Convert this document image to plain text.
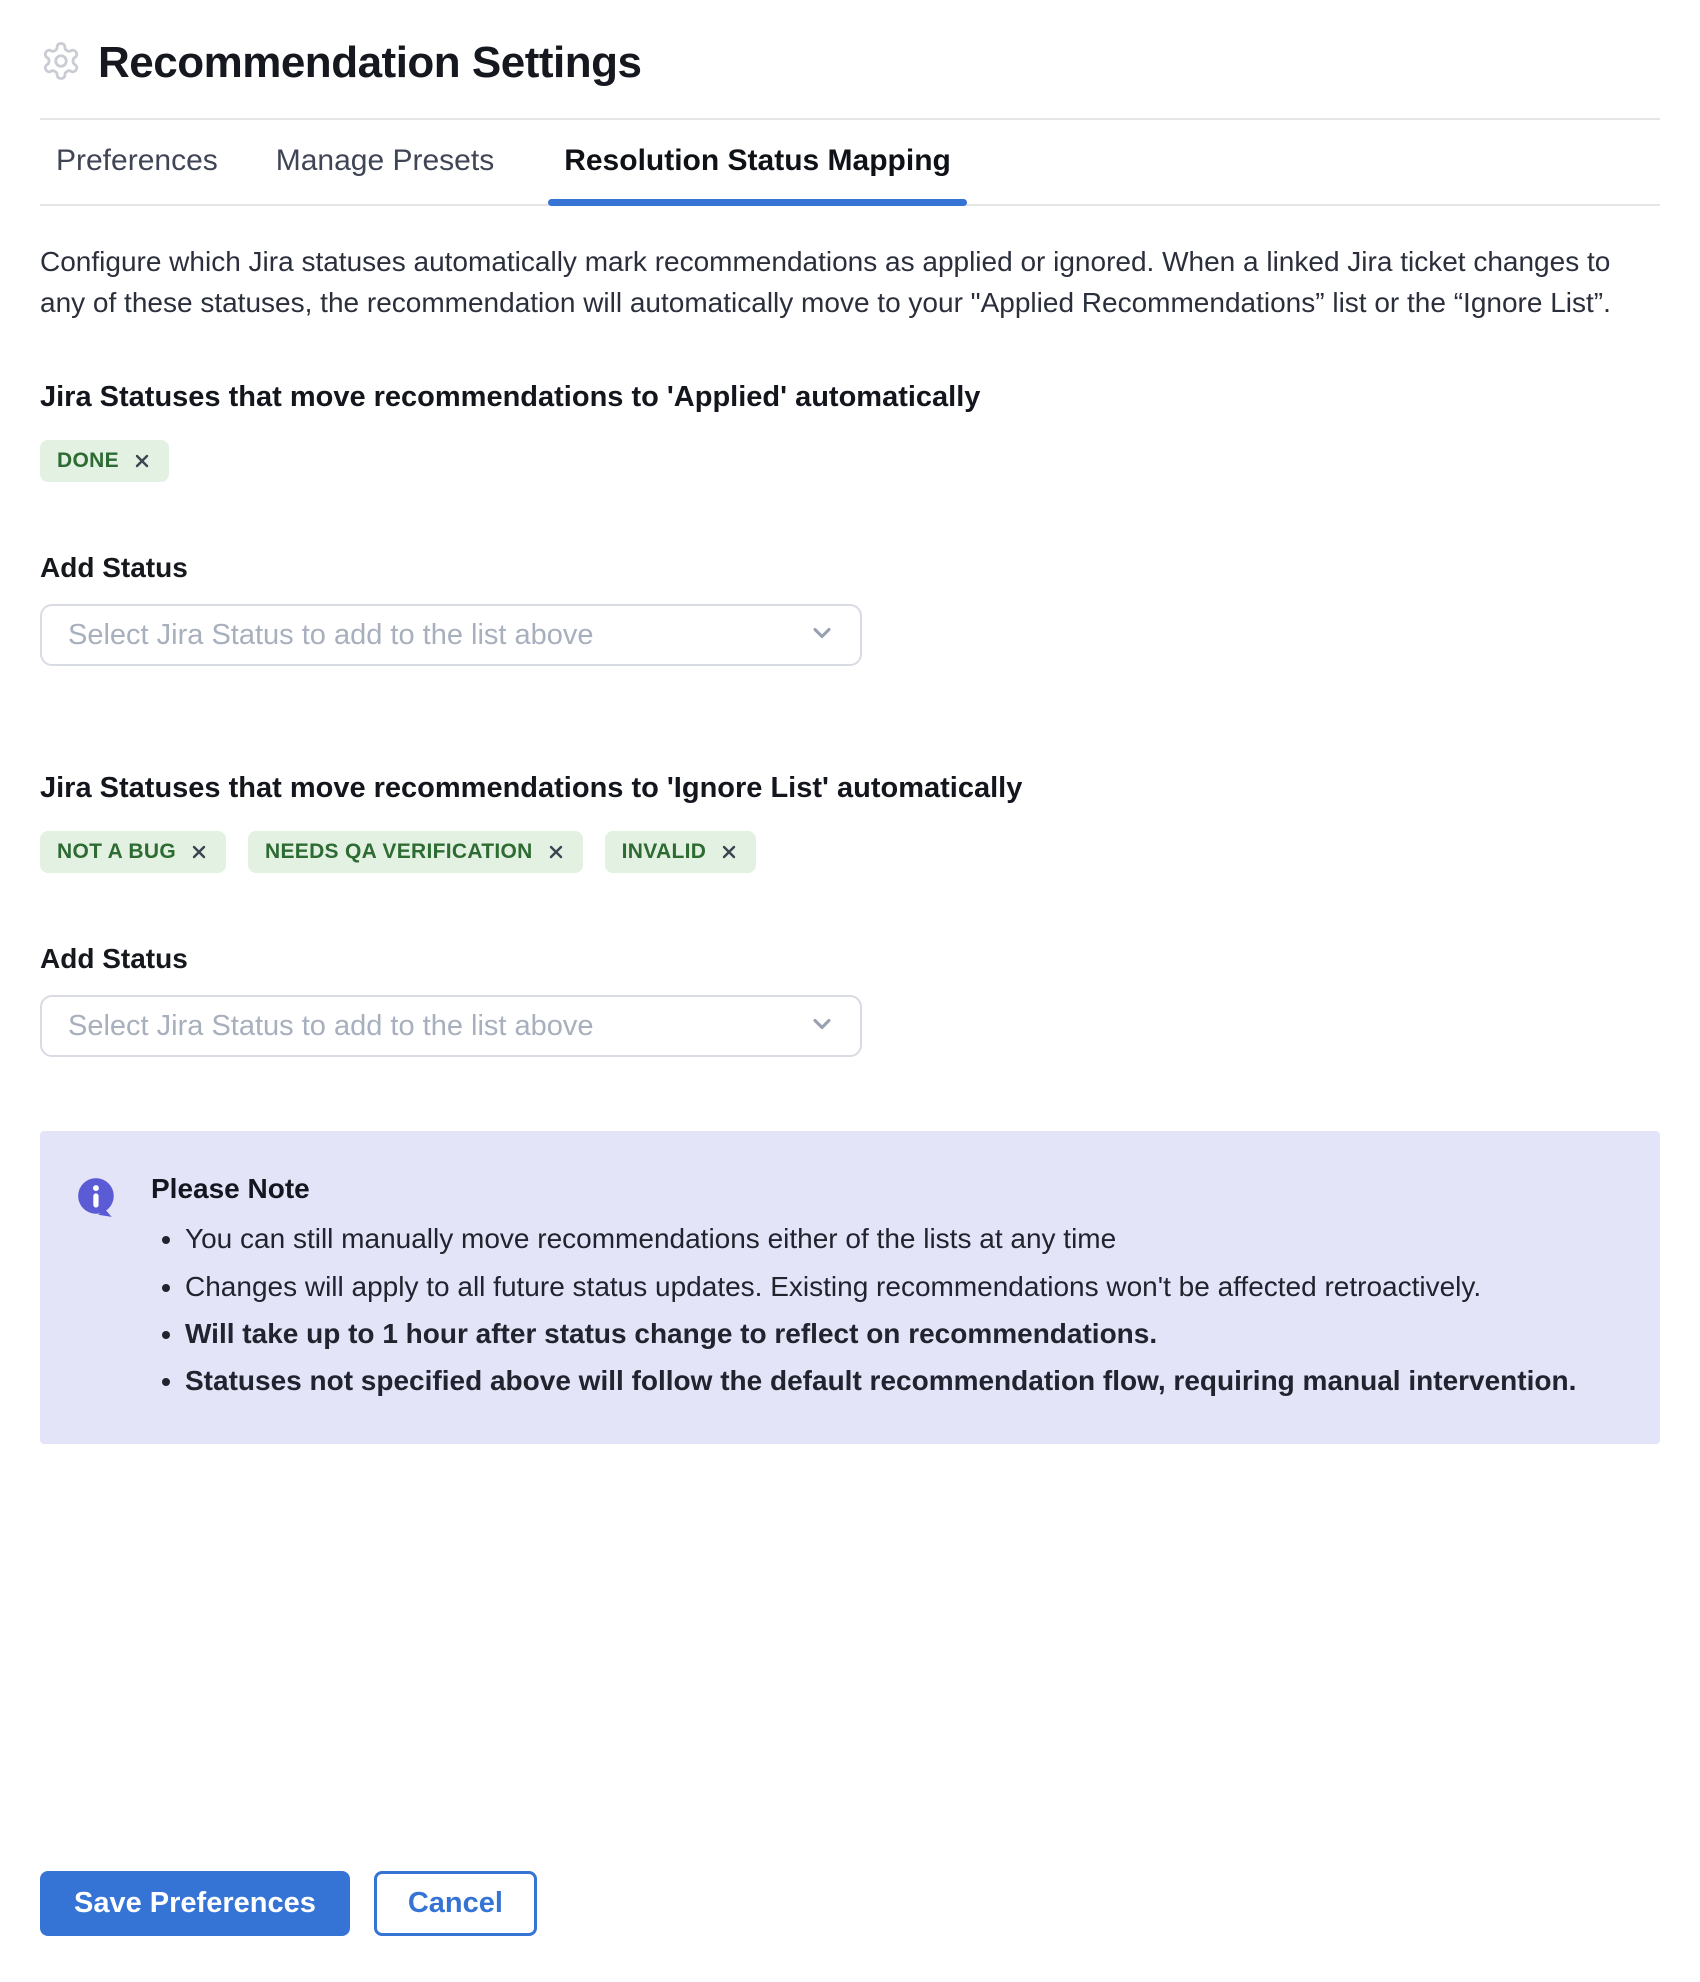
Recommendation Settings
Preferences Manage Presets	Resolution Status Mapping

Configure which Jira statuses automatically mark recommendations as applied or ignored. When a linked Jira ticket changes to any of these statuses, the recommendation will automatically move to your "Applied Recommendations” list or the “Ignore List”.

Jira Statuses that move recommendations to 'Applied' automatically
DONE
Add Status
Select Jira Status to add to the list above
Jira Statuses that move recommendations to 'Ignore List' automatically
NOT A BUG	NEEDS QA VERIFICATION	INVALID
Add Status
Select Jira Status to add to the list above
Please Note
• You can still manually move recommendations either of the lists at any time
• Changes will apply to all future status updates. Existing recommendations won't be affected retroactively.
• Will take up to 1 hour after status change to reflect on recommendations.
• Statuses not specified above will follow the default recommendation flow, requiring manual intervention.
Save Preferences	Cancel
